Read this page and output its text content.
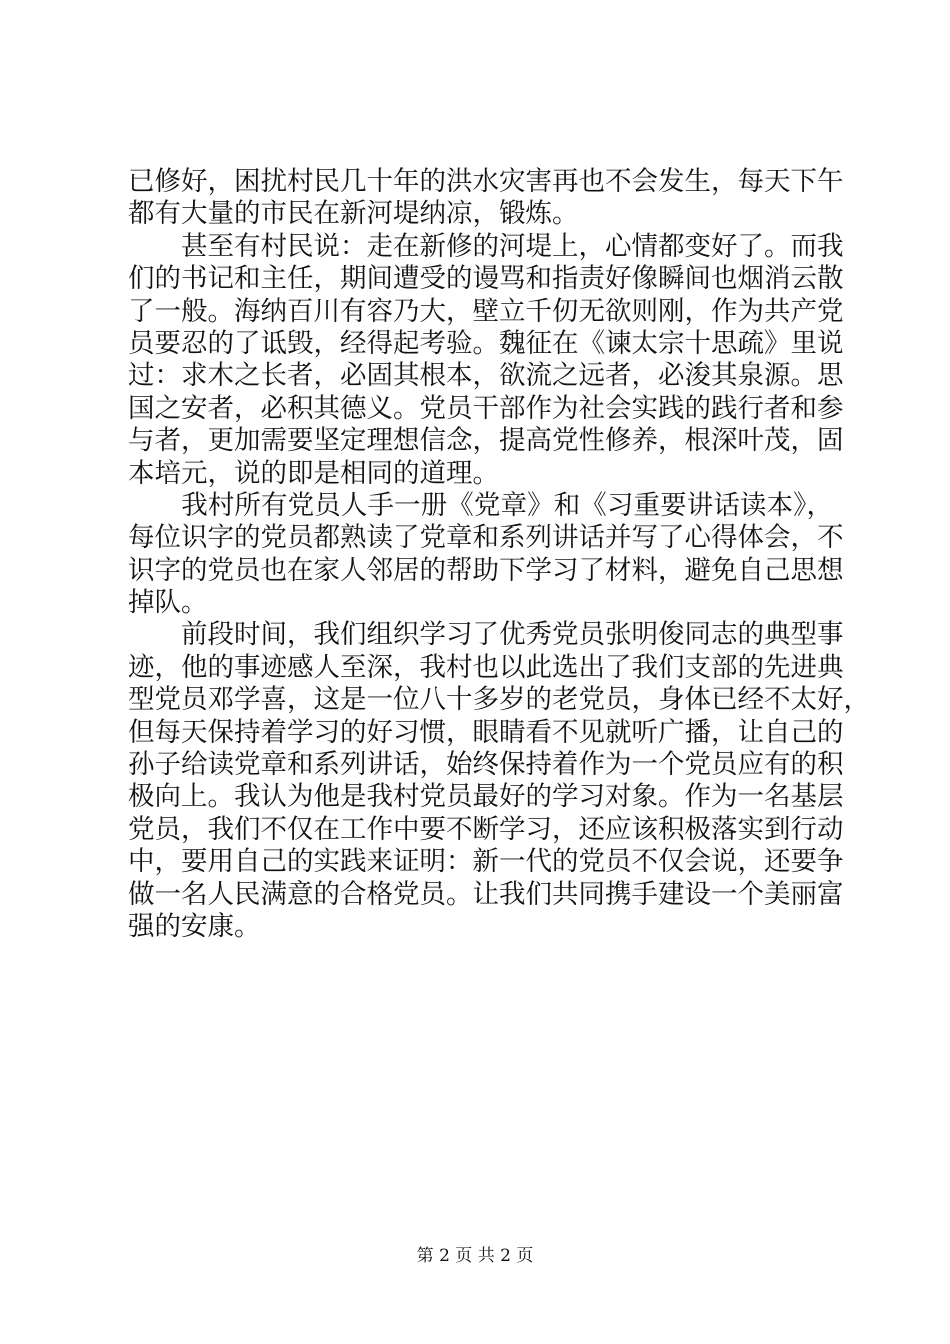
已修好，困扰村民几十年的洪水灾害再也不会发生，每天下午
都有大量的市民在新河堤纳凉，锻炼。
　　甚至有村民说：走在新修的河堤上，心情都变好了。而我
们的书记和主任，期间遭受的谩骂和指责好像瞬间也烟消云散
了一般。海纳百川有容乃大，壁立千仞无欲则刚，作为共产党
员要忍的了诋毁，经得起考验。魏征在《谏太宗十思疏》里说
过：求木之长者，必固其根本，欲流之远者，必浚其泉源。思
国之安者，必积其德义。党员干部作为社会实践的践行者和参
与者，更加需要坚定理想信念，提高党性修养，根深叶茂，固
本培元，说的即是相同的道理。
　　我村所有党员人手一册《党章》和《习重要讲话读本》，
每位识字的党员都熟读了党章和系列讲话并写了心得体会，不
识字的党员也在家人邻居的帮助下学习了材料，避免自己思想
掉队。
　　前段时间，我们组织学习了优秀党员张明俊同志的典型事
迹，他的事迹感人至深，我村也以此选出了我们支部的先进典
型党员邓学喜，这是一位八十多岁的老党员，身体已经不太好，
但每天保持着学习的好习惯，眼睛看不见就听广播，让自己的
孙子给读党章和系列讲话，始终保持着作为一个党员应有的积
极向上。我认为他是我村党员最好的学习对象。作为一名基层
党员，我们不仅在工作中要不断学习，还应该积极落实到行动
中，要用自己的实践来证明：新一代的党员不仅会说，还要争
做一名人民满意的合格党员。让我们共同携手建设一个美丽富
强的安康。
第 2 页 共 2 页
